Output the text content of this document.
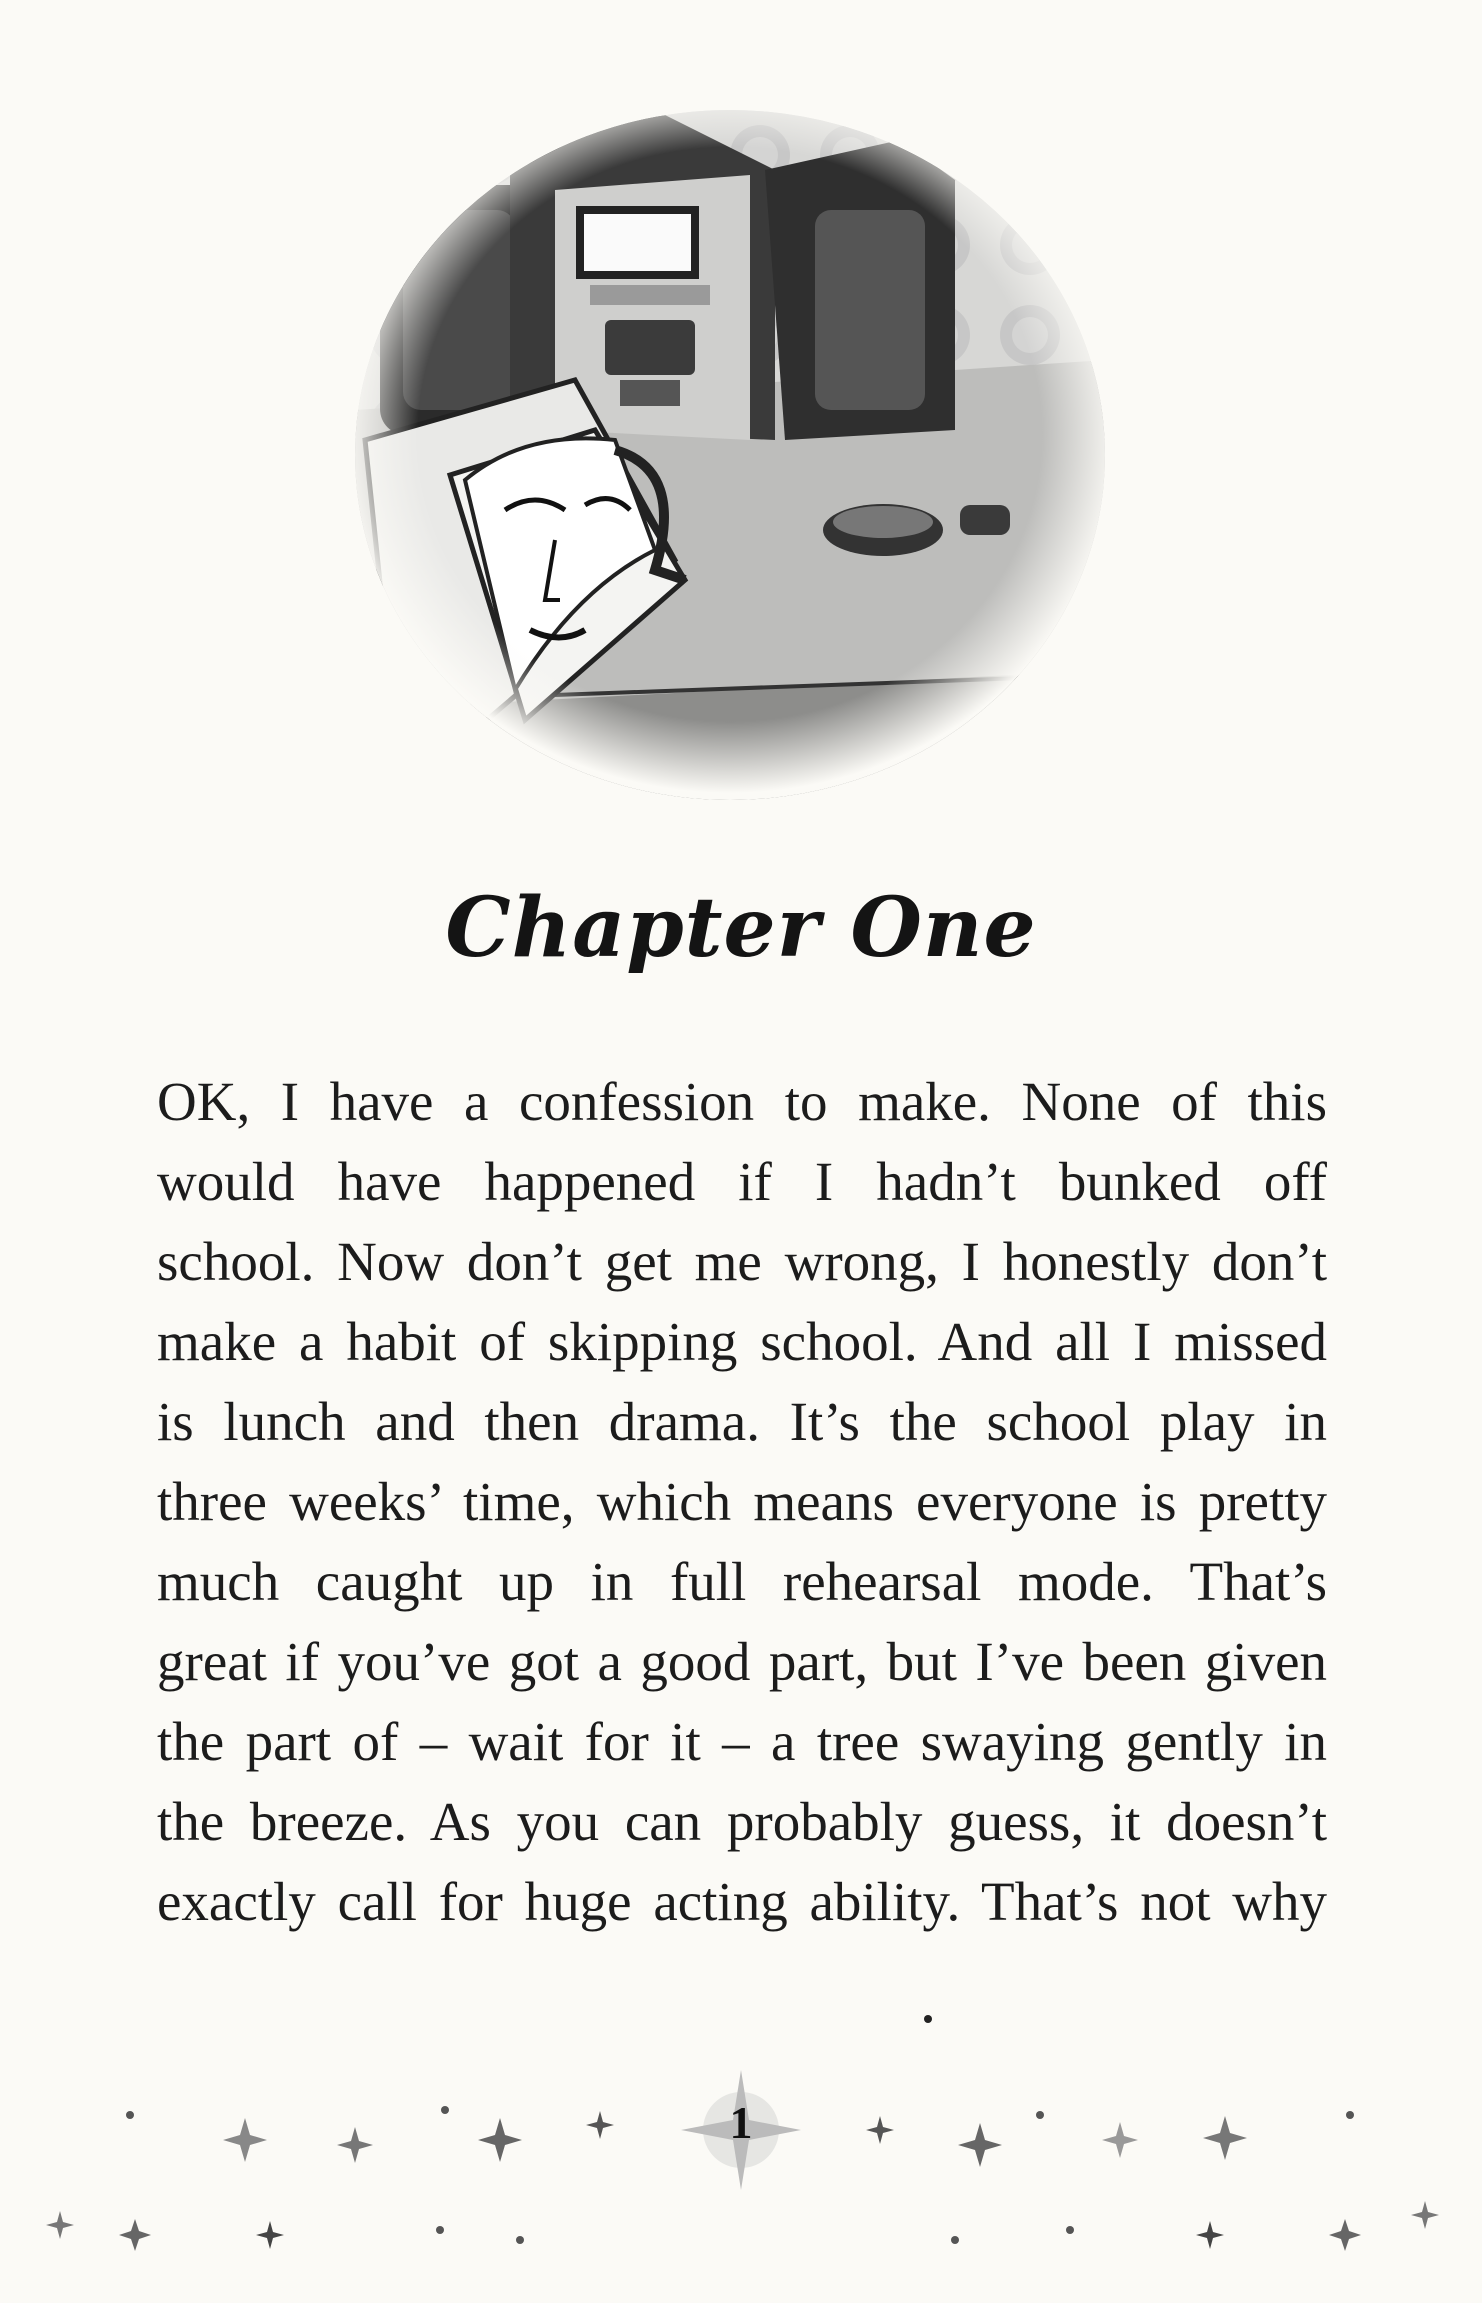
Chapter One
OK, I have a confession to make. None of this
would have happened if I hadn’t bunked off
school. Now don’t get me wrong, I honestly don’t
make a habit of skipping school. And all I missed
is lunch and then drama. It’s the school play in
three weeks’ time, which means everyone is pretty
much caught up in full rehearsal mode. That’s
great if you’ve got a good part, but I’ve been given
the part of – wait for it – a tree swaying gently in
the breeze. As you can probably guess, it doesn’t
exactly call for huge acting ability. That’s not why
1
